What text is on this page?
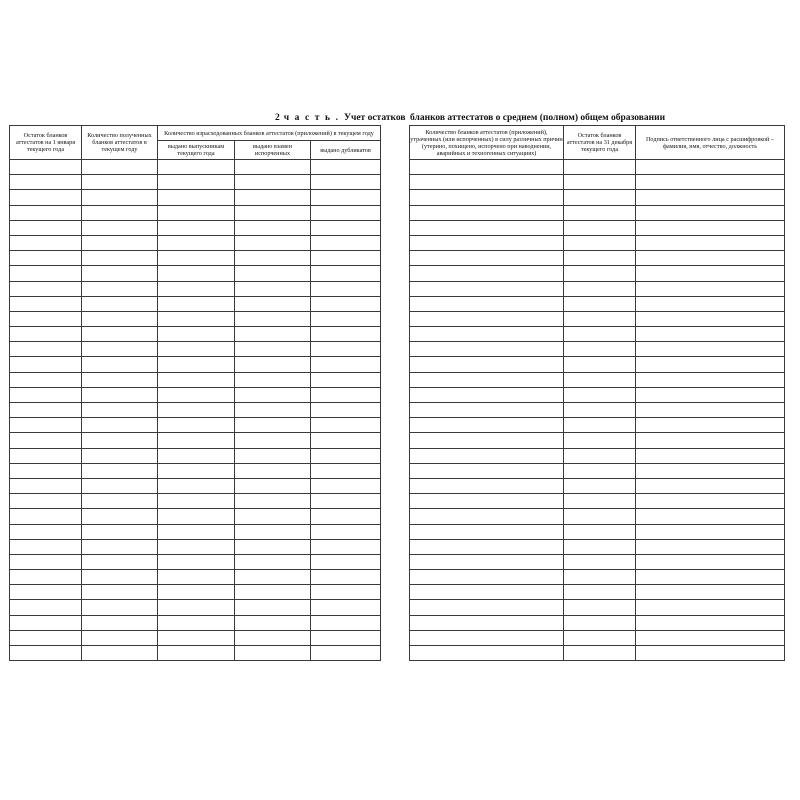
2 ч а с т ь . Учет остатков бланков аттестатов о среднем (полном) общем образовании
Остаток бланков аттестатов на 1 января текущего года	Количество полученных бланков аттестатов в текущем году	Количество израсходованных бланков аттестатов (приложений) в текущем году		
		выдано выпускникам текущего года	выдано взамен испорченных	выдано дубликатов

Количество бланков аттестатов (приложений), утраченных (или испорченных) в силу различных причин (утерино, похищено, испорчено при наводнении, аварийных и техногенных ситуациях)	Остаток бланков аттестатов на 31 декабря текущего года	Подпись ответственного лица с расшифровкой – фамилия, имя, отчество, должность
